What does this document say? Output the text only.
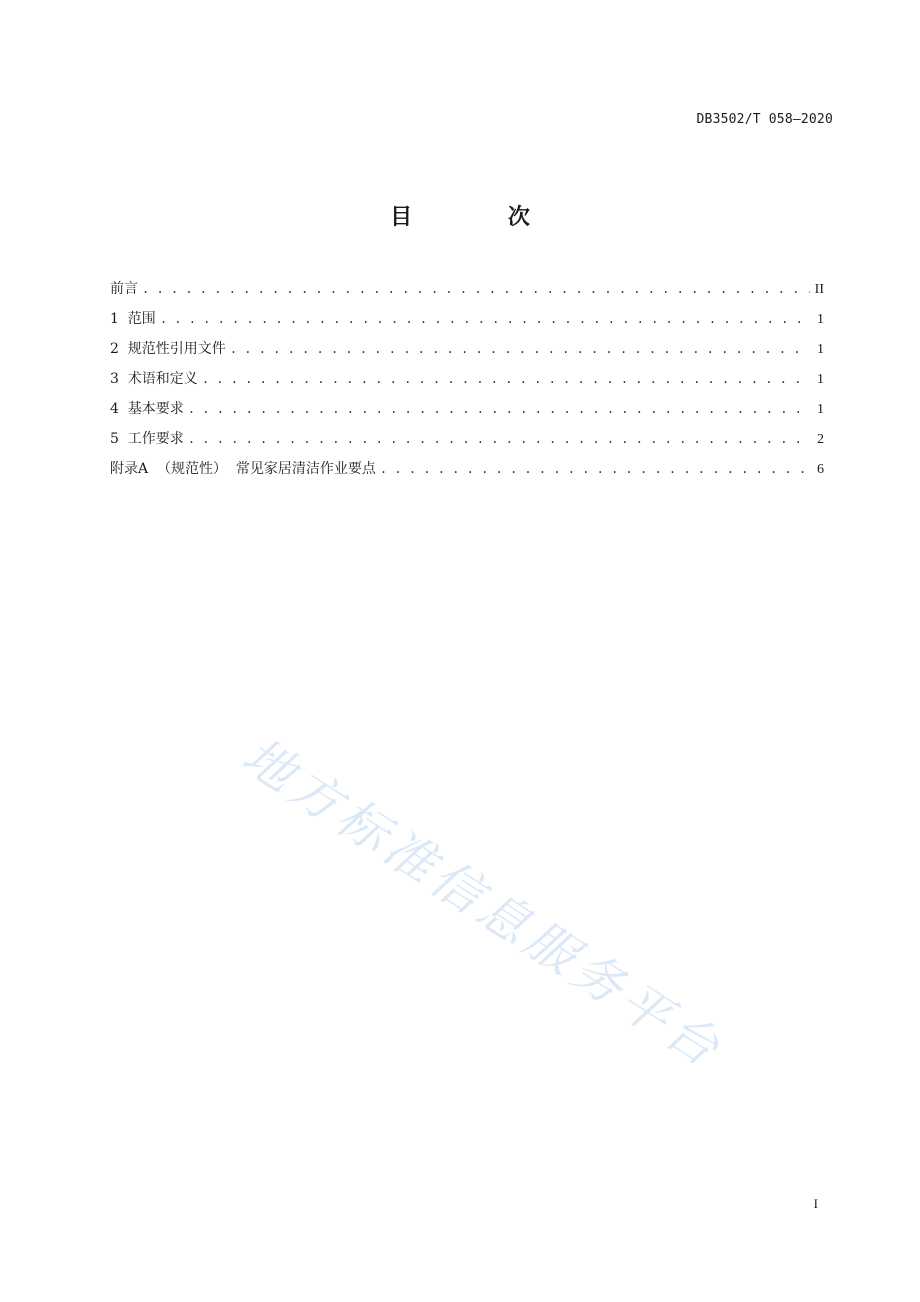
DB3502/T 058—2020
目 次
前言 . . .	II
1  范围 . . .	1
2  规范性引用文件 . . .	1
3  术语和定义 . . .	1
4  基本要求 . . .	1
5  工作要求 . . .	2
附录A  （规范性）  常见家居清洁作业要点 . . .	6
地方标准信息服务平台
I
